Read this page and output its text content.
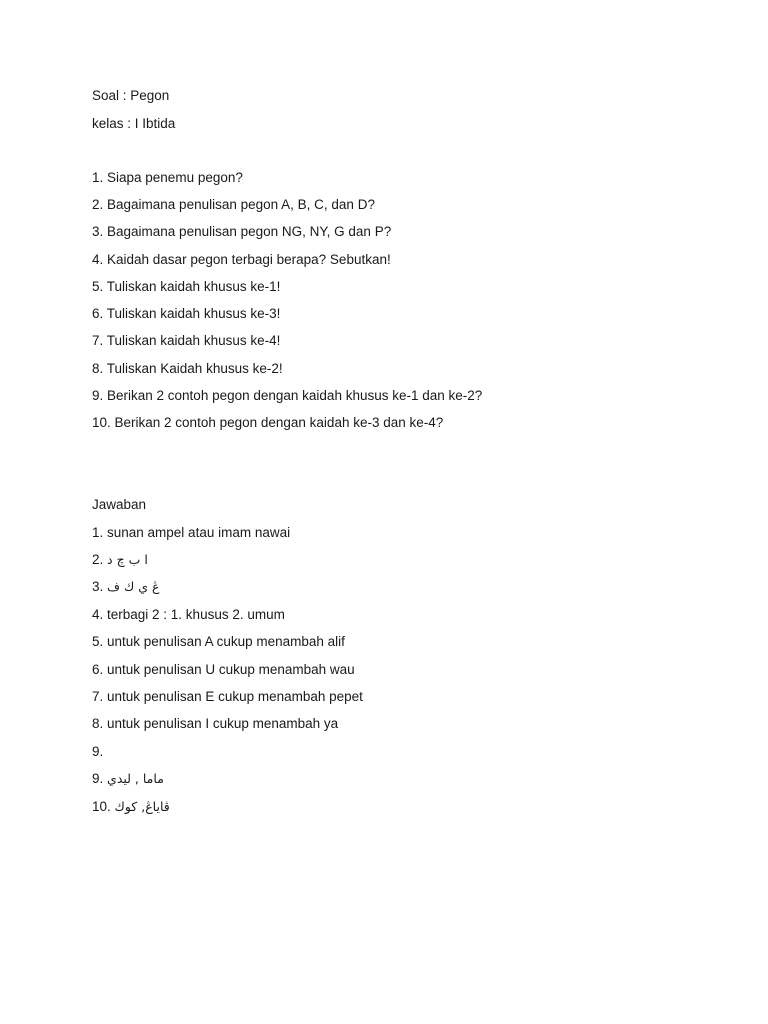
Soal : Pegon
kelas : I Ibtida
1. Siapa penemu pegon?
2. Bagaimana penulisan pegon A, B, C, dan D?
3. Bagaimana penulisan pegon NG, NY, G dan P?
4. Kaidah dasar pegon terbagi berapa? Sebutkan!
5. Tuliskan kaidah khusus ke-1!
6. Tuliskan kaidah khusus ke-3!
7. Tuliskan kaidah khusus ke-4!
8. Tuliskan Kaidah khusus ke-2!
9. Berikan 2 contoh pegon dengan kaidah khusus ke-1 dan ke-2?
10. Berikan 2 contoh pegon dengan kaidah ke-3 dan ke-4?
Jawaban
1. sunan ampel atau imam nawai
2. ا ب چ د
3. ڠ ي ك ف
4. terbagi 2 : 1. khusus 2. umum
5. untuk penulisan A cukup menambah alif
6. untuk penulisan U cukup menambah wau
7. untuk penulisan E cukup menambah pepet
8. untuk penulisan I cukup menambah ya
9.
9. ماما , ليدي
10. ڤاياڠ, كوك
